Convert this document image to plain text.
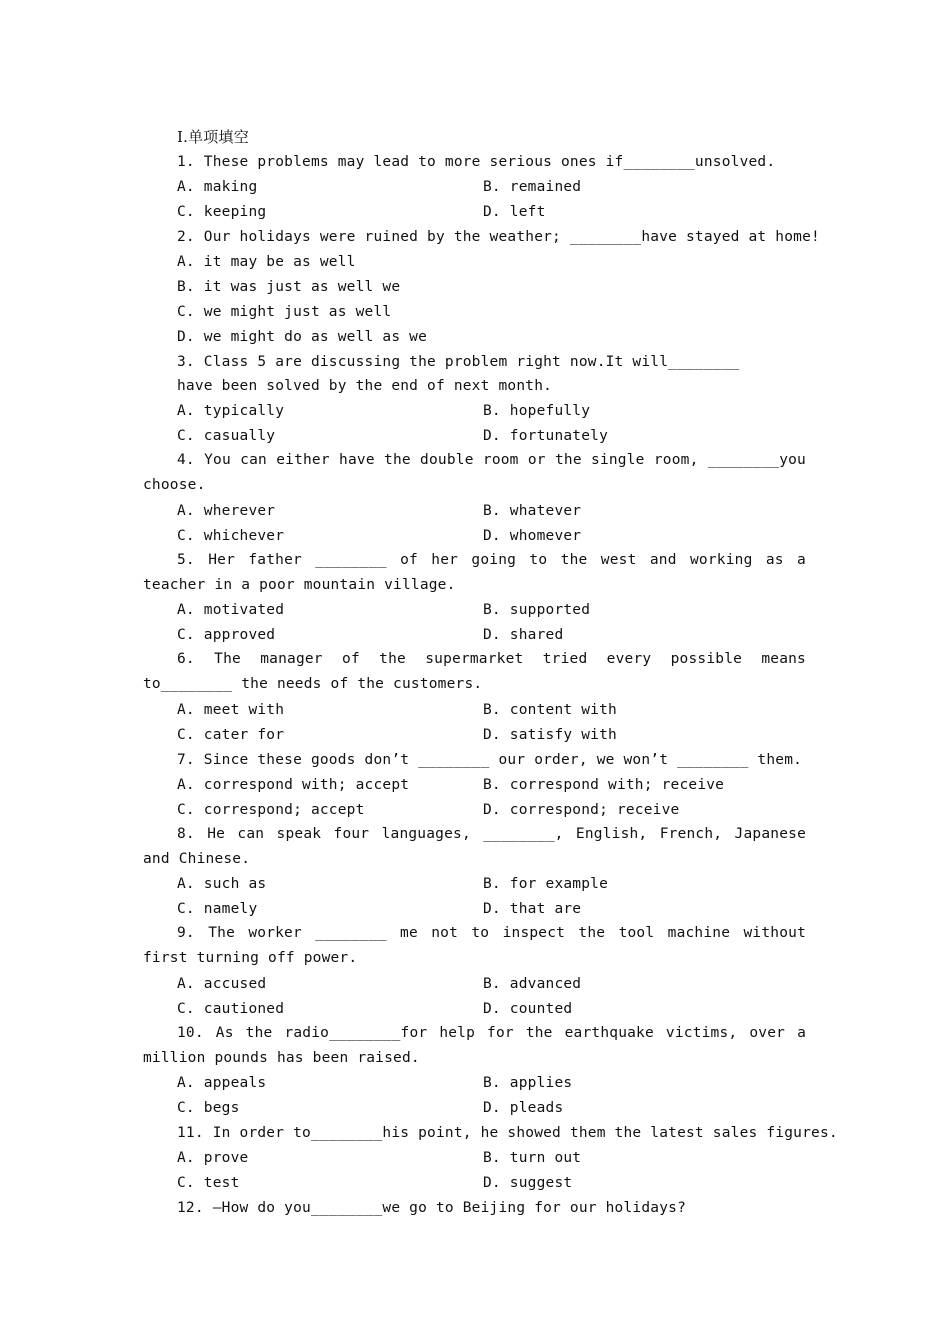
Ⅰ.单项填空
1. These problems may lead to more serious ones if________unsolved.
A. making	B. remained
C. keeping	D. left
2. Our holidays were ruined by the weather; ________have stayed at home!
A. it may be as well
B. it was just as well we
C. we might just as well
D. we might do as well as we
3. Class 5 are discussing the problem right now.It will________
have been solved by the end of next month.
A. typically	B. hopefully
C. casually	D. fortunately
4. You can either have the double room or the single room, ________you choose.
A. wherever	B. whatever
C. whichever	D. whomever
5. Her father ________ of her going to the west and working as a teacher in a poor mountain village.
A. motivated	B. supported
C. approved	D. shared
6. The manager of the supermarket tried every possible means to________ the needs of the customers.
A. meet with	B. content with
C. cater for	D. satisfy with
7. Since these goods don’t ________ our order, we won’t ________ them.
A. correspond with; accept	B. correspond with; receive
C. correspond; accept	D. correspond; receive
8. He can speak four languages, ________, English, French, Japanese and Chinese.
A. such as	B. for example
C. namely	D. that are
9. The worker ________ me not to inspect the tool machine without first turning off power.
A. accused	B. advanced
C. cautioned	D. counted
10. As the radio________for help for the earthquake victims, over a million pounds has been raised.
A. appeals	B. applies
C. begs	D. pleads
11. In order to________his point, he showed them the latest sales figures.
A. prove	B. turn out
C. test	D. suggest
12. —How do you________we go to Beijing for our holidays?
